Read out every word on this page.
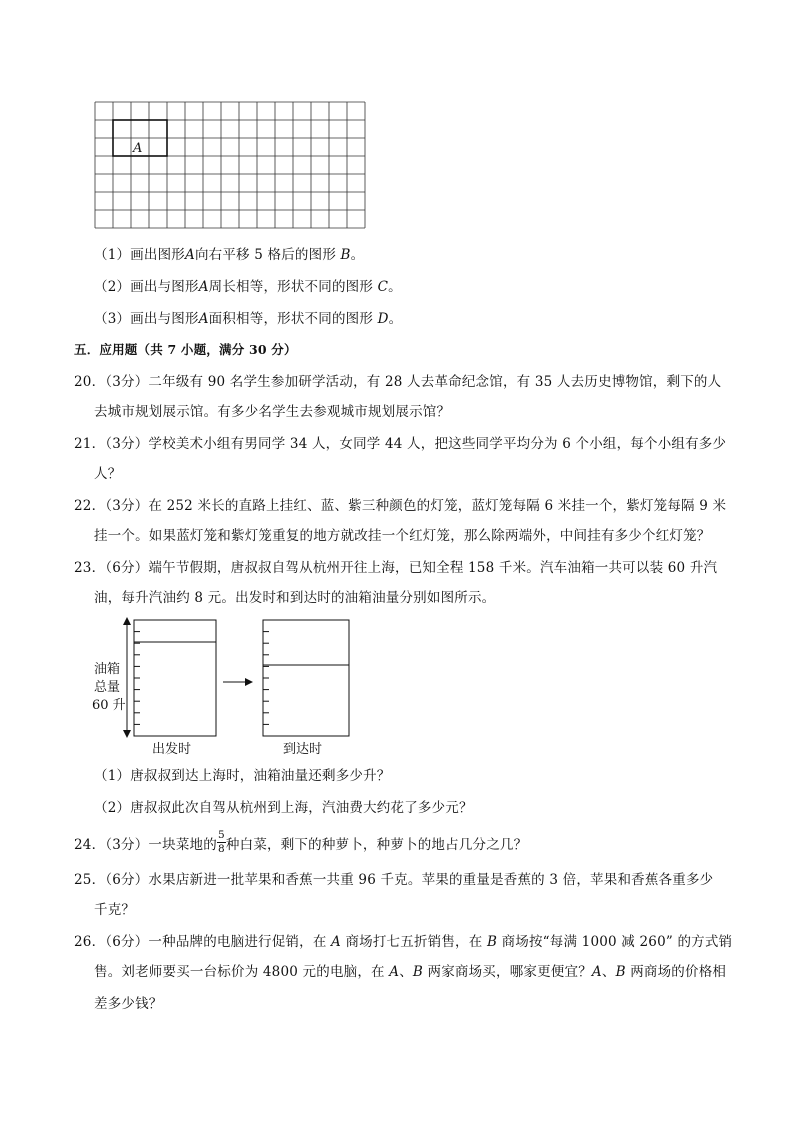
A
（1）画出图形A向右平移 5 格后的图形 B。
（2）画出与图形A周长相等，形状不同的图形 C。
（3）画出与图形A面积相等，形状不同的图形 D。
五．应用题（共 7 小题，满分 30 分）
20．（3分）二年级有 90 名学生参加研学活动，有 28 人去革命纪念馆，有 35 人去历史博物馆，剩下的人
去城市规划展示馆。有多少名学生去参观城市规划展示馆？
21．（3分）学校美术小组有男同学 34 人，女同学 44 人，把这些同学平均分为 6 个小组，每个小组有多少
人？
22．（3分）在 252 米长的直路上挂红、蓝、紫三种颜色的灯笼，蓝灯笼每隔 6 米挂一个，紫灯笼每隔 9 米
挂一个。如果蓝灯笼和紫灯笼重复的地方就改挂一个红灯笼，那么除两端外，中间挂有多少个红灯笼？
23．（6分）端午节假期，唐叔叔自驾从杭州开往上海，已知全程 158 千米。汽车油箱一共可以装 60 升汽
油，每升汽油约 8 元。出发时和到达时的油箱油量分别如图所示。
油箱
总量
60 升
出发时	到达时
（1）唐叔叔到达上海时，油箱油量还剩多少升？
（2）唐叔叔此次自驾从杭州到上海，汽油费大约花了多少元？
24．（3分）一块菜地的 $\frac{5}{8}$ 种白菜，剩下的种萝卜，种萝卜的地占几分之几？
25．（6分）水果店新进一批苹果和香蕉一共重 96 千克。苹果的重量是香蕉的 3 倍，苹果和香蕉各重多少
千克？
26．（6分）一种品牌的电脑进行促销，在 A 商场打七五折销售，在 B 商场按“每满 1000 减 260” 的方式销
售。刘老师要买一台标价为 4800 元的电脑，在 A、B 两家商场买，哪家更便宜？A、B 两商场的价格相
差多少钱？
